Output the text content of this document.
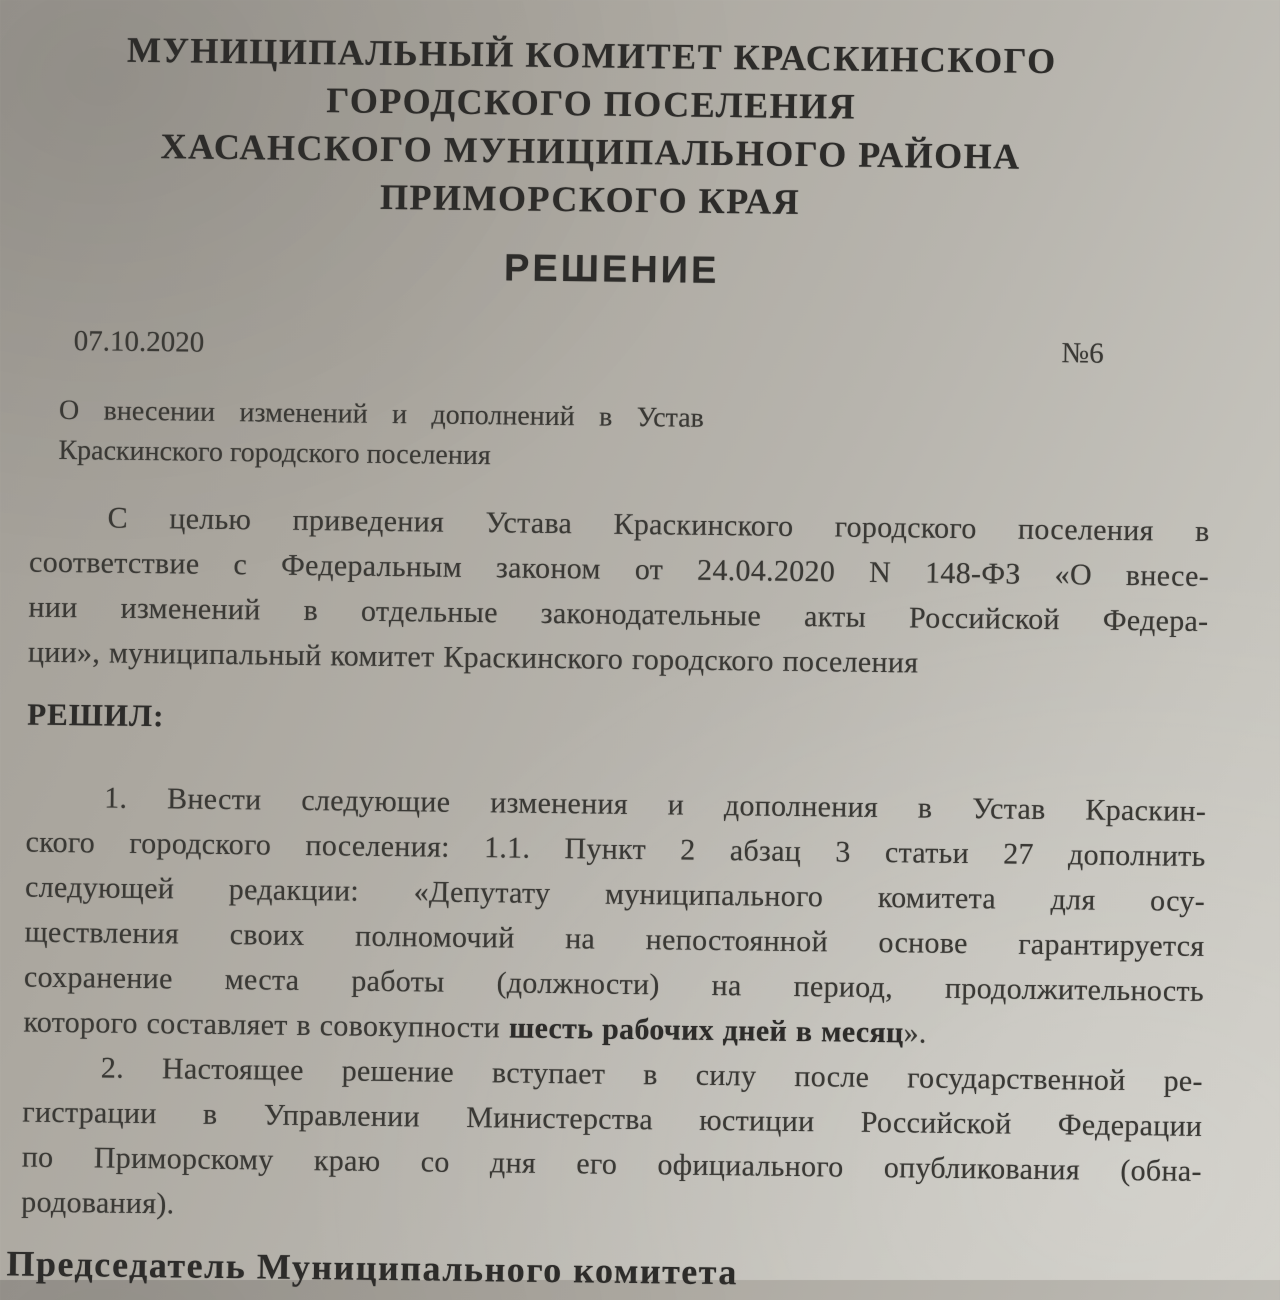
МУНИЦИПАЛЬНЫЙ КОМИТЕТ КРАСКИНСКОГО
ГОРОДСКОГО ПОСЕЛЕНИЯ
ХАСАНСКОГО МУНИЦИПАЛЬНОГО РАЙОНА
ПРИМОРСКОГО КРАЯ
РЕШЕНИЕ
07.10.2020	№6
О внесении изменений и дополнений в Устав
Краскинского городского поселения
С целью приведения Устава Краскинского городского поселения в
соответствие с Федеральным законом от 24.04.2020 N 148-ФЗ «О внесе-
нии изменений в отдельные законодательные акты Российской Федера-
ции», муниципальный комитет Краскинского городского поселения
РЕШИЛ:
1. Внести следующие изменения и дополнения в Устав Краскин-
ского городского поселения: 1.1. Пункт 2 абзац 3 статьи 27 дополнить
следующей редакции: «Депутату муниципального комитета для осу-
ществления своих полномочий на непостоянной основе гарантируется
сохранение места работы (должности) на период, продолжительность
которого составляет в совокупности шесть рабочих дней в месяц».
2. Настоящее решение вступает в силу после государственной ре-
гистрации в Управлении Министерства юстиции Российской Федерации
по Приморскому краю со дня его официального опубликования (обна-
родования).
Председатель Муниципального комитета
